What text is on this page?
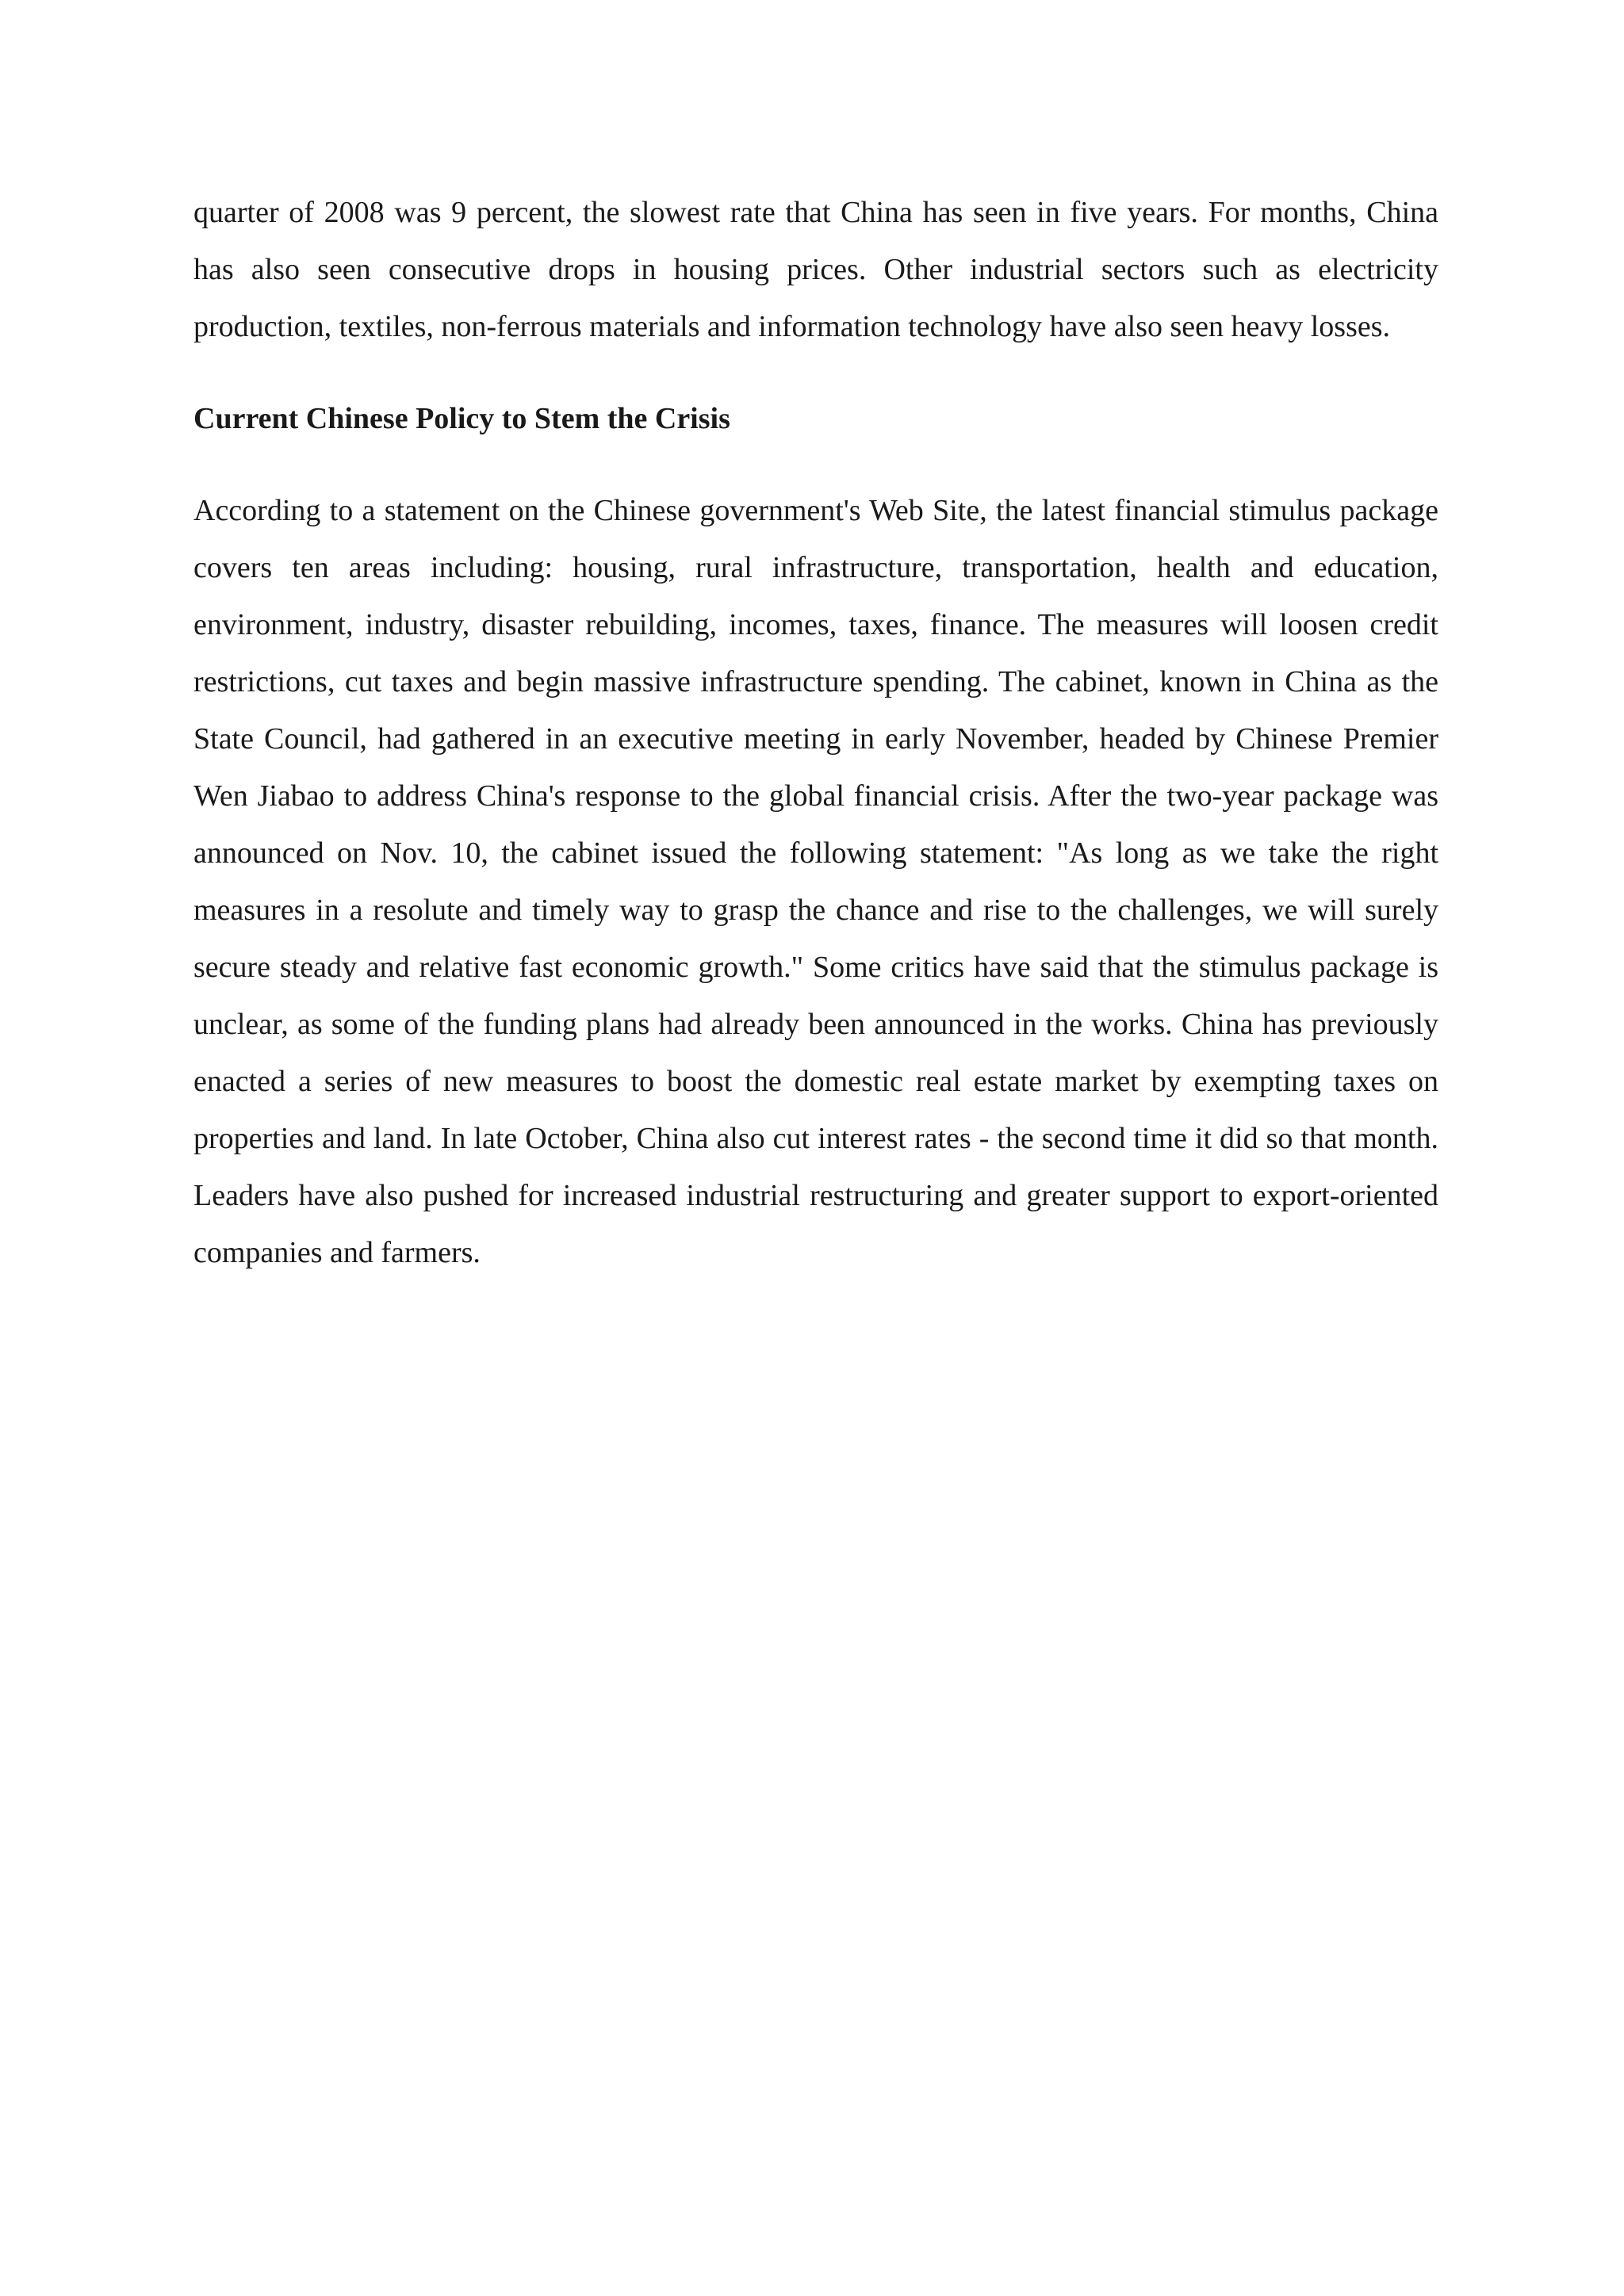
quarter of 2008 was 9 percent, the slowest rate that China has seen in five years. For months, China has also seen consecutive drops in housing prices. Other industrial sectors such as electricity production, textiles, non-ferrous materials and information technology have also seen heavy losses.

Current Chinese Policy to Stem the Crisis

According to a statement on the Chinese government's Web Site, the latest financial stimulus package covers ten areas including: housing, rural infrastructure, transportation, health and education, environment, industry, disaster rebuilding, incomes, taxes, finance. The measures will loosen credit restrictions, cut taxes and begin massive infrastructure spending. The cabinet, known in China as the State Council, had gathered in an executive meeting in early November, headed by Chinese Premier Wen Jiabao to address China's response to the global financial crisis. After the two-year package was announced on Nov. 10, the cabinet issued the following statement: "As long as we take the right measures in a resolute and timely way to grasp the chance and rise to the challenges, we will surely secure steady and relative fast economic growth." Some critics have said that the stimulus package is unclear, as some of the funding plans had already been announced in the works. China has previously enacted a series of new measures to boost the domestic real estate market by exempting taxes on properties and land. In late October, China also cut interest rates - the second time it did so that month. Leaders have also pushed for increased industrial restructuring and greater support to export-oriented companies and farmers.
